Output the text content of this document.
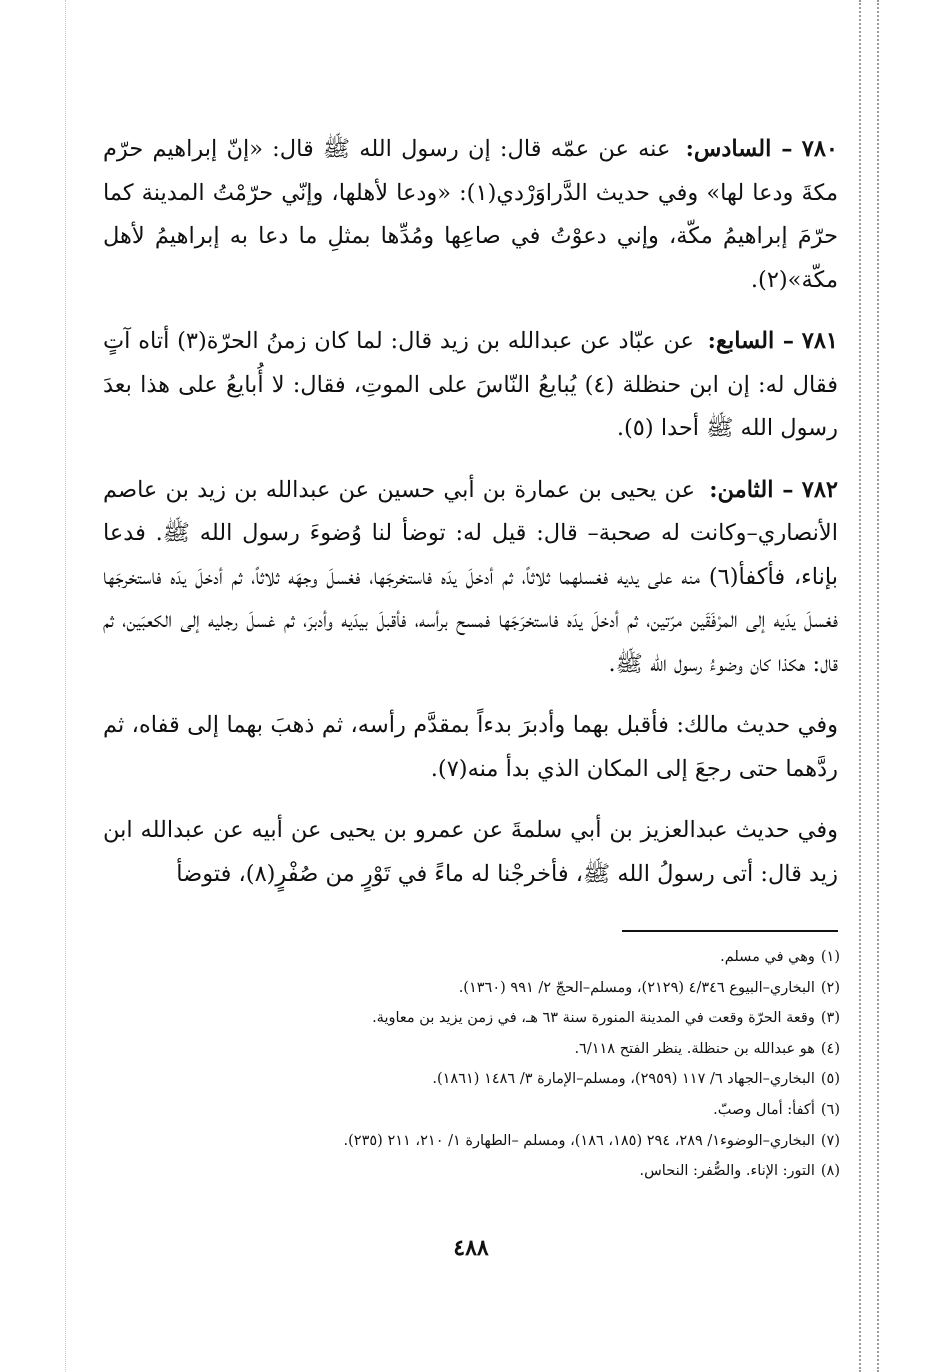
٧٨٠ – السادس: عنه عن عمّه قال: إن رسول الله ﷺ قال: «إنّ إبراهيم حرّم مكةَ ودعا لها» وفي حديث الدَّراوَرْدي(١): «ودعا لأهلها، وإنّي حرّمْتُ المدينة كما حرّمَ إبراهيمُ مكّة، وإني دعوْتُ في صاعِها ومُدِّها بمثلِ ما دعا به إبراهيمُ لأهل مكّة»(٢).

٧٨١ – السابع: عن عبّاد عن عبدالله بن زيد قال: لما كان زمنُ الحرّة(٣) أتاه آتٍ فقال له: إن ابن حنظلة (٤) يُبايعُ النّاسَ على الموتِ، فقال: لا أُبايعُ على هذا بعدَ رسول الله ﷺ أحدا (٥).

٧٨٢ – الثامن: عن يحيى بن عمارة بن أبي حسين عن عبدالله بن زيد بن عاصم الأنصاري–وكانت له صحبة– قال: قيل له: توضأ لنا وُضوءَ رسول الله ﷺ. فدعا بإناء، فأكفأ(٦) منه على يديه فغسلهما ثلاثاً، ثم أدخلَ يدَه فاستخرجَها، فغسلَ وجهَه ثلاثاً، ثم أدخلَ يدَه فاستخرجَها فغسلَ يدَيه إلى المرْفَقَين مرّتين، ثم أدخلَ يدَه فاستخرَجَها فمسح برأسه، فأقبلَ بيدَيه وأدبرَ، ثم غسلَ رجليه إلى الكعبَين، ثم قال: هكذا كان وضوءُ رسول الله ﷺ.

وفي حديث مالك: فأقبل بهما وأدبرَ بدءاً بمقدَّم رأسه، ثم ذهبَ بهما إلى قفاه، ثم ردَّهما حتى رجعَ إلى المكان الذي بدأ منه(٧).

وفي حديث عبدالعزيز بن أبي سلمةَ عن عمرو بن يحيى عن أبيه عن عبدالله ابن زيد قال: أتى رسولُ الله ﷺ، فأخرجْنا له ماءً في تَوْرٍ من صُفْرٍ(٨)، فتوضأ

(١)وهي في مسلم.

(٢)البخاري–البيوع ٤/٣٤٦ (٢١٢٩)، ومسلم–الحجّ ٢/ ٩٩١ (١٣٦٠).

(٣)وقعة الحرّة وقعت في المدينة المنورة سنة ٦٣ هـ، في زمن يزيد بن معاوية.

(٤)هو عبدالله بن حنظلة. ينظر الفتح ٦/١١٨.

(٥)البخاري–الجهاد ٦/ ١١٧ (٢٩٥٩)، ومسلم–الإمارة ٣/ ١٤٨٦ (١٨٦١).

(٦)أكفأ: أمال وصبّ.

(٧)البخاري–الوضوء١/ ٢٨٩، ٢٩٤ (١٨٥، ١٨٦)، ومسلم –الطهارة ١/ ٢١٠، ٢١١ (٢٣٥).

(٨)التور: الإناء. والصُّفر: النحاس.

٤٨٨
